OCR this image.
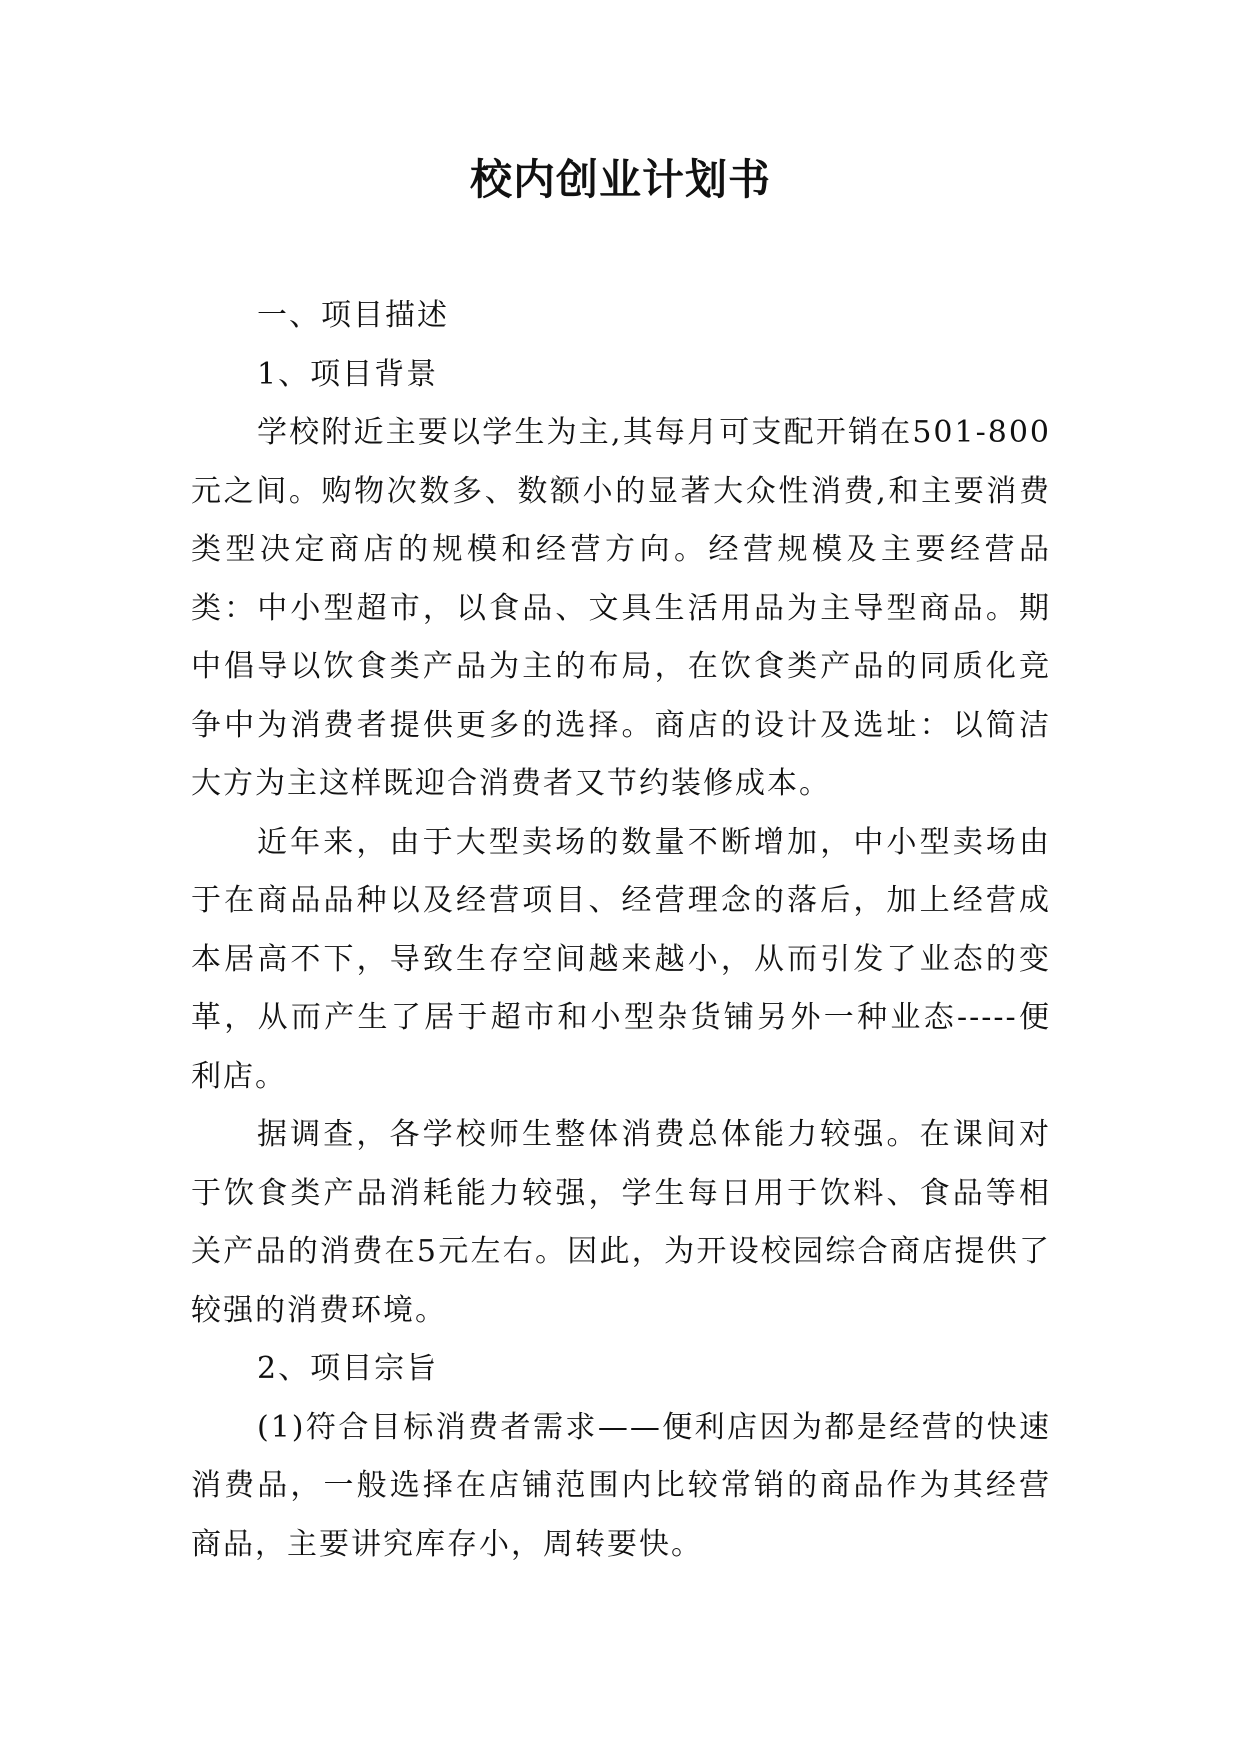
校内创业计划书

一、项目描述

1、项目背景

学校附近主要以学生为主,其每月可支配开销在501-800元之间。购物次数多、数额小的显著大众性消费,和主要消费类型决定商店的规模和经营方向。经营规模及主要经营品类：中小型超市，以食品、文具生活用品为主导型商品。期中倡导以饮食类产品为主的布局，在饮食类产品的同质化竞争中为消费者提供更多的选择。商店的设计及选址：以简洁大方为主这样既迎合消费者又节约装修成本。

近年来，由于大型卖场的数量不断增加，中小型卖场由于在商品品种以及经营项目、经营理念的落后，加上经营成本居高不下，导致生存空间越来越小，从而引发了业态的变革，从而产生了居于超市和小型杂货铺另外一种业态-----便利店。

据调查，各学校师生整体消费总体能力较强。在课间对于饮食类产品消耗能力较强，学生每日用于饮料、食品等相关产品的消费在5元左右。因此，为开设校园综合商店提供了较强的消费环境。

2、项目宗旨

(1)符合目标消费者需求——便利店因为都是经营的快速消费品，一般选择在店铺范围内比较常销的商品作为其经营商品，主要讲究库存小，周转要快。
